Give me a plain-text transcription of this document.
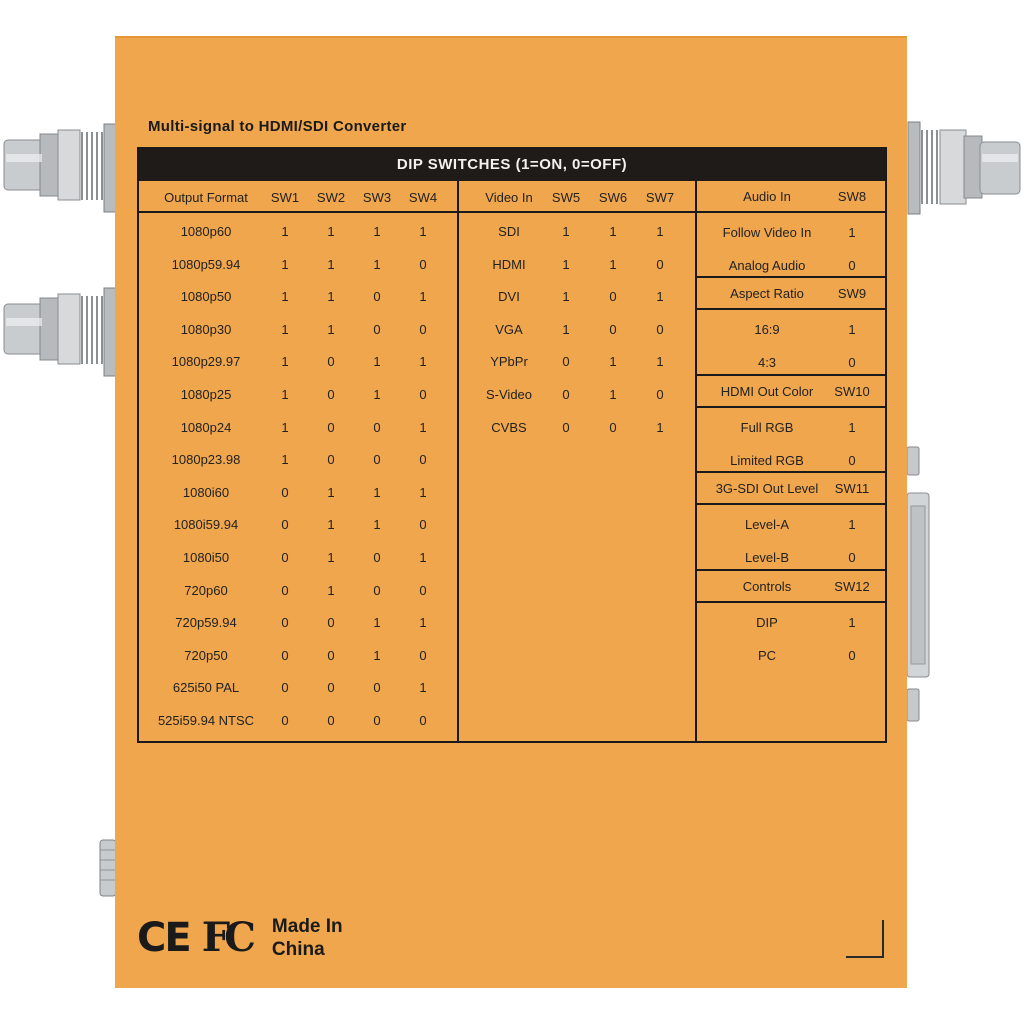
Multi-signal to HDMI/SDI Converter
DIP SWITCHES (1=ON, 0=OFF)
Output Format SW1 SW2 SW3 SW4
1080p60	1	1	1	1
1080p59.94	1	1	1	0
1080p50	1	1	0	1
1080p30	1	1	0	0
1080p29.97	1	0	1	1
1080p25	1	0	1	0
1080p24	1	0	0	1
1080p23.98	1	0	0	0
1080i60	0	1	1	1
1080i59.94	0	1	1	0
1080i50	0	1	0	1
720p60	0	1	0	0
720p59.94	0	0	1	1
720p50	0	0	1	0
625i50 PAL	0	0	0	1
525i59.94 NTSC 0	0	0	0
Video In SW5 SW6 SW7
SDI	1	1	1
HDMI	1	1	0
DVI	1	0	1
VGA	1	0	0
YPbPr	0	1	1
S-Video 0	1	0
CVBS	0	0	1
Audio In	SW8
Follow Video In	1
Analog Audio	0
Aspect Ratio	SW9
16:9	1
4:3	0
HDMI Out Color SW10
Full RGB	1
Limited RGB	0
3G-SDI Out Level SW11
Level-A	1
Level-B	0
Controls	SW12
DIP	1
PC	0
CE FC Made In
China
